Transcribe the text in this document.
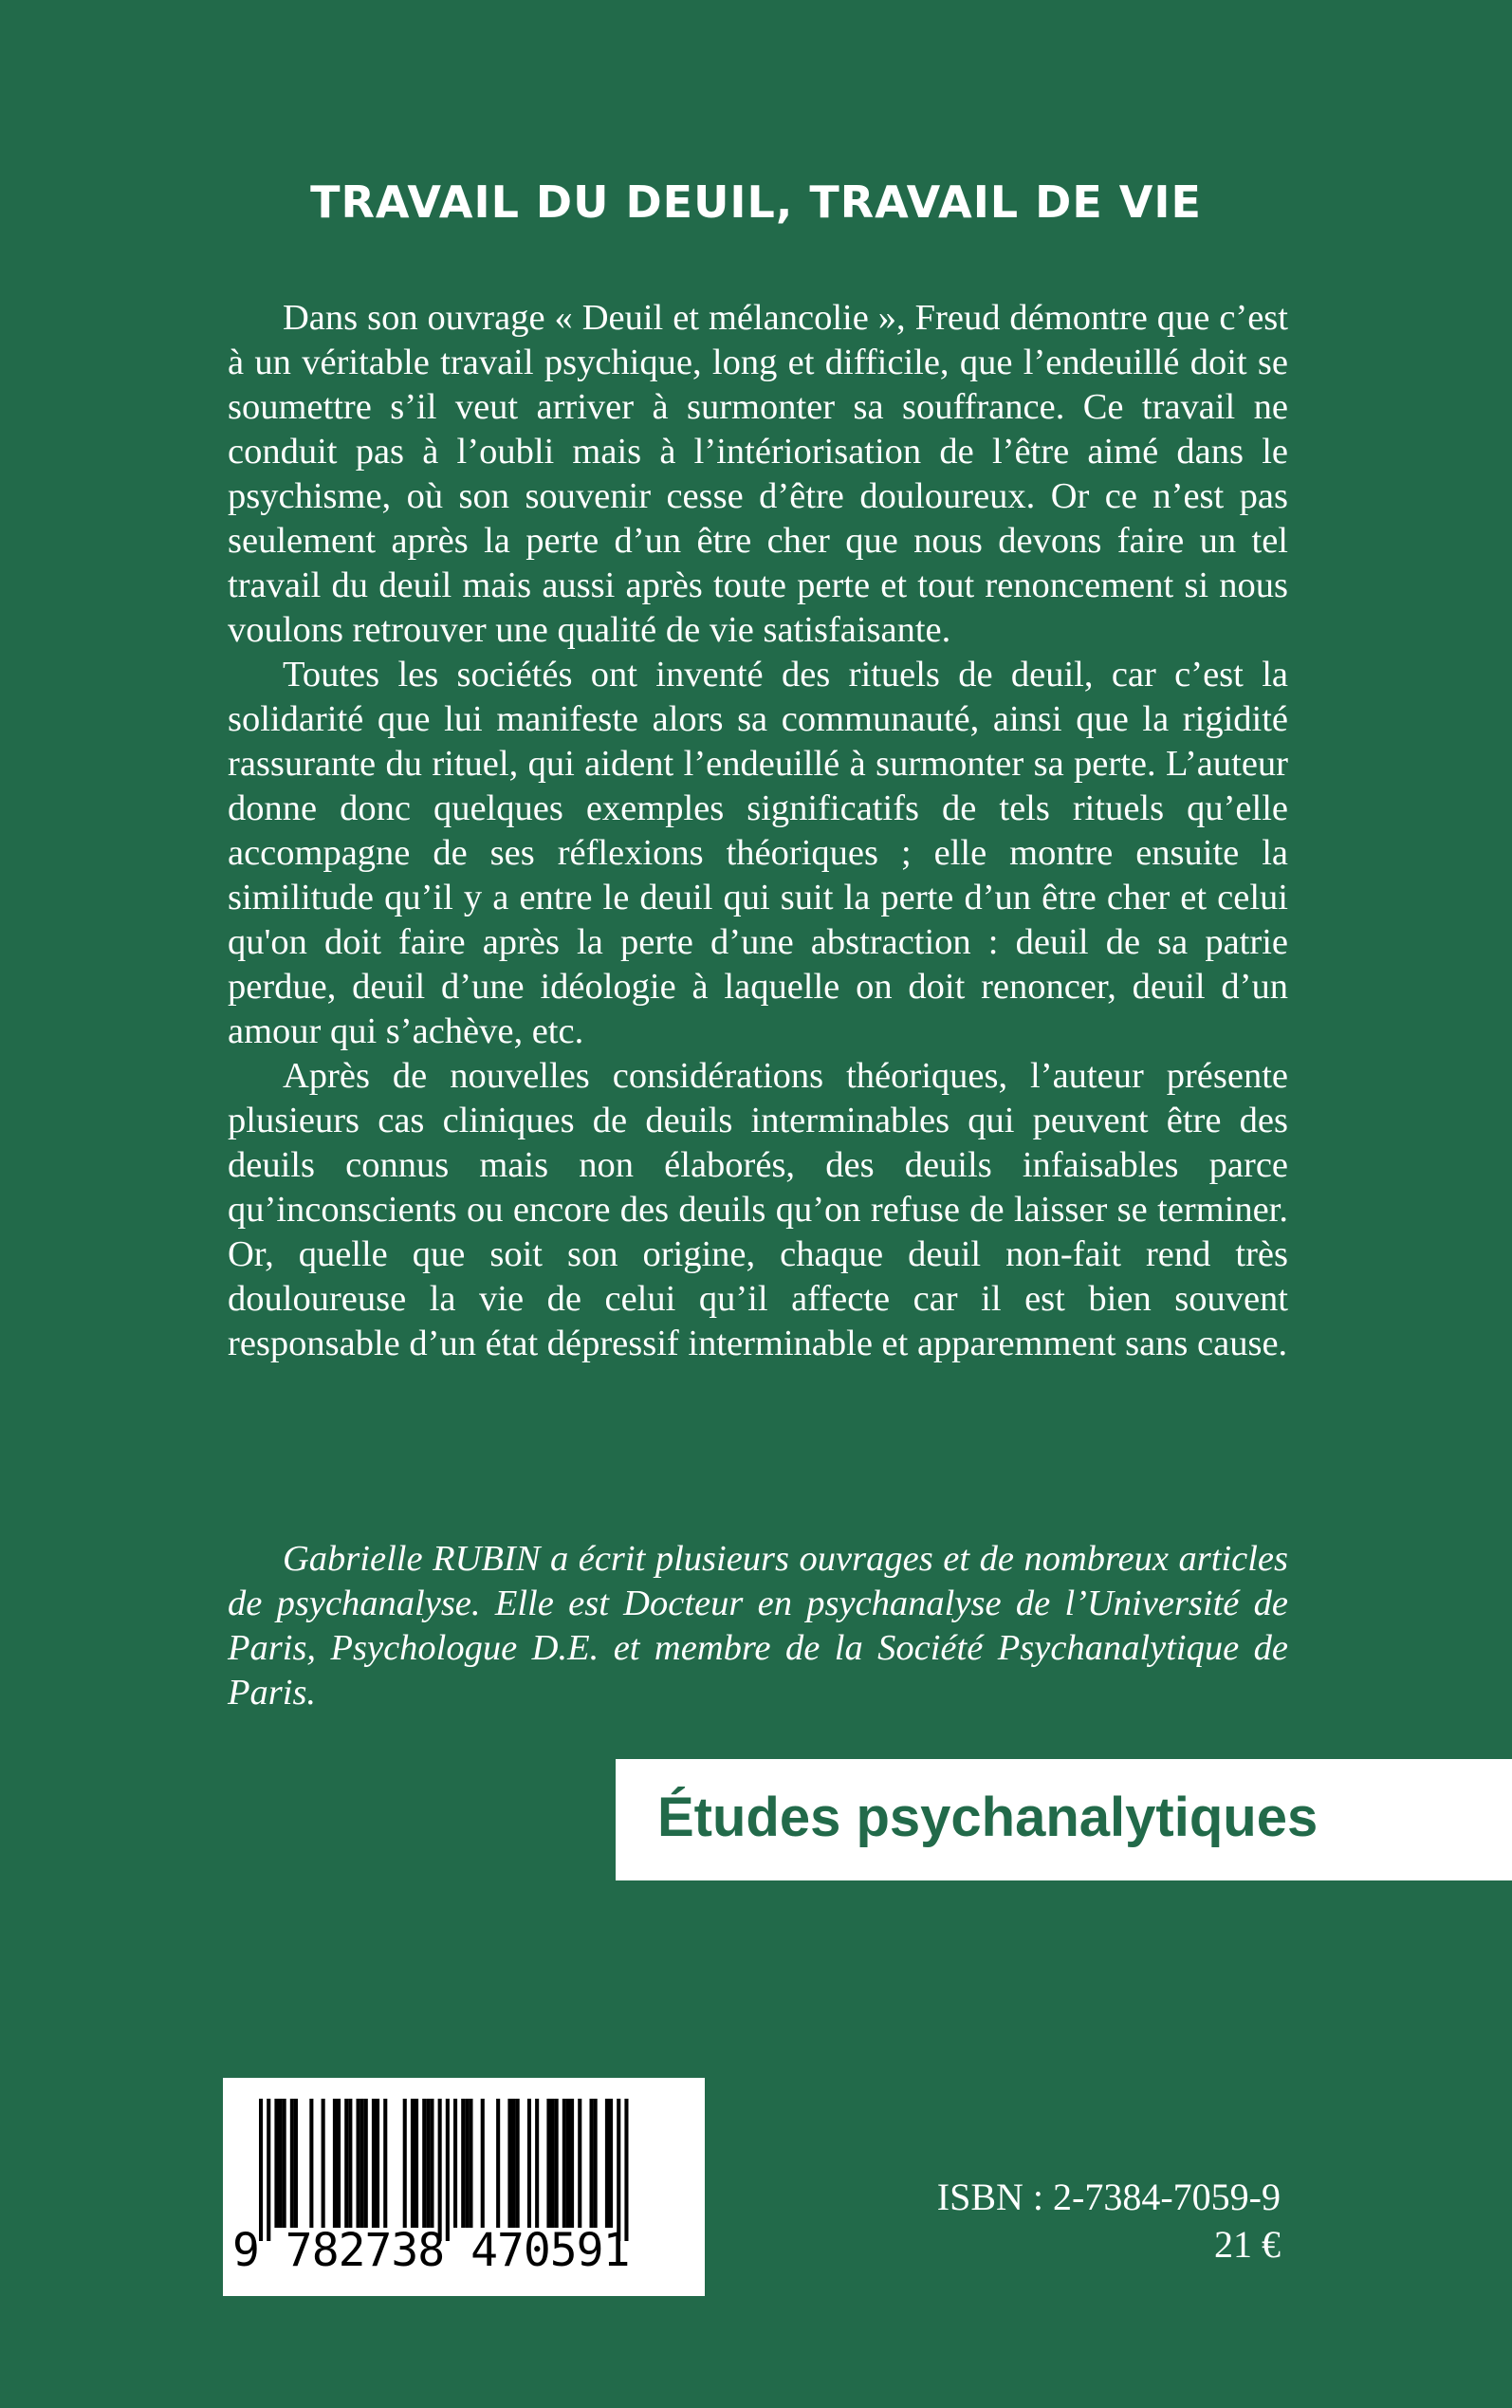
TRAVAIL DU DEUIL, TRAVAIL DE VIE

Dans son ouvrage « Deuil et mélancolie », Freud démontre que c’est à un véritable travail psychique, long et difficile, que l’endeuillé doit se soumettre s’il veut arriver à surmonter sa souffrance. Ce travail ne conduit pas à l’oubli mais à l’intériorisation de l’être aimé dans le psychisme, où son souvenir cesse d’être douloureux. Or ce n’est pas seulement après la perte d’un être cher que nous devons faire un tel travail du deuil mais aussi après toute perte et tout renoncement si nous voulons retrouver une qualité de vie satisfaisante.

Toutes les sociétés ont inventé des rituels de deuil, car c’est la solidarité que lui manifeste alors sa communauté, ainsi que la rigidité rassurante du rituel, qui aident l’endeuillé à surmonter sa perte. L’auteur donne donc quelques exemples significatifs de tels rituels qu’elle accompagne de ses réflexions théoriques ; elle montre ensuite la similitude qu’il y a entre le deuil qui suit la perte d’un être cher et celui qu'on doit faire après la perte d’une abstraction : deuil de sa patrie perdue, deuil d’une idéologie à laquelle on doit renoncer, deuil d’un amour qui s’achève, etc.

Après de nouvelles considérations théoriques, l’auteur présente plusieurs cas cliniques de deuils interminables qui peuvent être des deuils connus mais non élaborés, des deuils infaisables parce qu’inconscients ou encore des deuils qu’on refuse de laisser se terminer. Or, quelle que soit son origine, chaque deuil non-fait rend très douloureuse la vie de celui qu’il affecte car il est bien souvent responsable d’un état dépressif interminable et apparemment sans cause.

Gabrielle RUBIN a écrit plusieurs ouvrages et de nombreux articles de psychanalyse. Elle est Docteur en psychanalyse de l’Université de Paris, Psychologue D.E. et membre de la Société Psychanalytique de Paris.

Études psychanalytiques
9 782738 470591
ISBN : 2-7384-7059-9
21 €
